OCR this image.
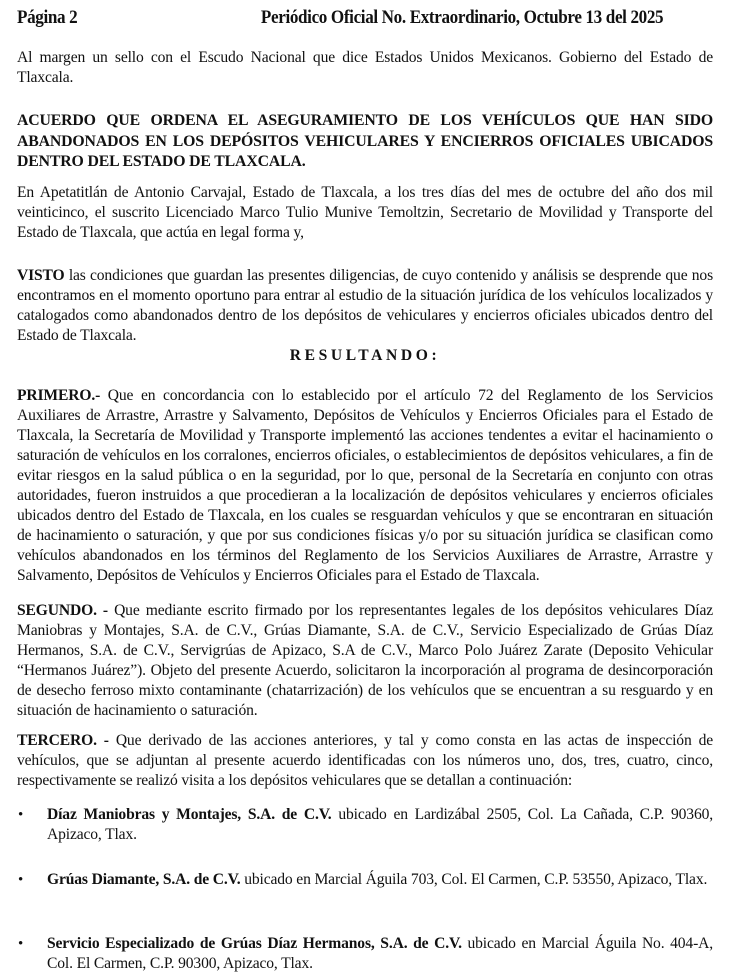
Página 2	Periódico Oficial No. Extraordinario, Octubre 13 del 2025

Al margen un sello con el Escudo Nacional que dice Estados Unidos Mexicanos. Gobierno del Estado de Tlaxcala.

ACUERDO QUE ORDENA EL ASEGURAMIENTO DE LOS VEHÍCULOS QUE HAN SIDO ABANDONADOS EN LOS DEPÓSITOS VEHICULARES Y ENCIERROS OFICIALES UBICADOS DENTRO DEL ESTADO DE TLAXCALA.

En Apetatitlán de Antonio Carvajal, Estado de Tlaxcala, a los tres días del mes de octubre del año dos mil veinticinco, el suscrito Licenciado Marco Tulio Munive Temoltzin, Secretario de Movilidad y Transporte del Estado de Tlaxcala, que actúa en legal forma y,

VISTO las condiciones que guardan las presentes diligencias, de cuyo contenido y análisis se desprende que nos encontramos en el momento oportuno para entrar al estudio de la situación jurídica de los vehículos localizados y catalogados como abandonados dentro de los depósitos de vehiculares y encierros oficiales ubicados dentro del Estado de Tlaxcala.

RESULTANDO:

PRIMERO.- Que en concordancia con lo establecido por el artículo 72 del Reglamento de los Servicios Auxiliares de Arrastre, Arrastre y Salvamento, Depósitos de Vehículos y Encierros Oficiales para el Estado de Tlaxcala, la Secretaría de Movilidad y Transporte implementó las acciones tendentes a evitar el hacinamiento o saturación de vehículos en los corralones, encierros oficiales, o establecimientos de depósitos vehiculares, a fin de evitar riesgos en la salud pública o en la seguridad, por lo que, personal de la Secretaría en conjunto con otras autoridades, fueron instruidos a que procedieran a la localización de depósitos vehiculares y encierros oficiales ubicados dentro del Estado de Tlaxcala, en los cuales se resguardan vehículos y que se encontraran en situación de hacinamiento o saturación, y que por sus condiciones físicas y/o por su situación jurídica se clasifican como vehículos abandonados en los términos del Reglamento de los Servicios Auxiliares de Arrastre, Arrastre y Salvamento, Depósitos de Vehículos y Encierros Oficiales para el Estado de Tlaxcala.

SEGUNDO. - Que mediante escrito firmado por los representantes legales de los depósitos vehiculares Díaz Maniobras y Montajes, S.A. de C.V., Grúas Diamante, S.A. de C.V., Servicio Especializado de Grúas Díaz Hermanos, S.A. de C.V., Servigrúas de Apizaco, S.A de C.V., Marco Polo Juárez Zarate (Deposito Vehicular “Hermanos Juárez”). Objeto del presente Acuerdo, solicitaron la incorporación al programa de desincorporación de desecho ferroso mixto contaminante (chatarrización) de los vehículos que se encuentran a su resguardo y en situación de hacinamiento o saturación.

TERCERO. - Que derivado de las acciones anteriores, y tal y como consta en las actas de inspección de vehículos, que se adjuntan al presente acuerdo identificadas con los números uno, dos, tres, cuatro, cinco, respectivamente se realizó visita a los depósitos vehiculares que se detallan a continuación:

• Díaz Maniobras y Montajes, S.A. de C.V. ubicado en Lardizábal 2505, Col. La Cañada, C.P. 90360, Apizaco, Tlax.
• Grúas Diamante, S.A. de C.V. ubicado en Marcial Águila 703, Col. El Carmen, C.P. 53550, Apizaco, Tlax.
• Servicio Especializado de Grúas Díaz Hermanos, S.A. de C.V. ubicado en Marcial Águila No. 404-A, Col. El Carmen, C.P. 90300, Apizaco, Tlax.
